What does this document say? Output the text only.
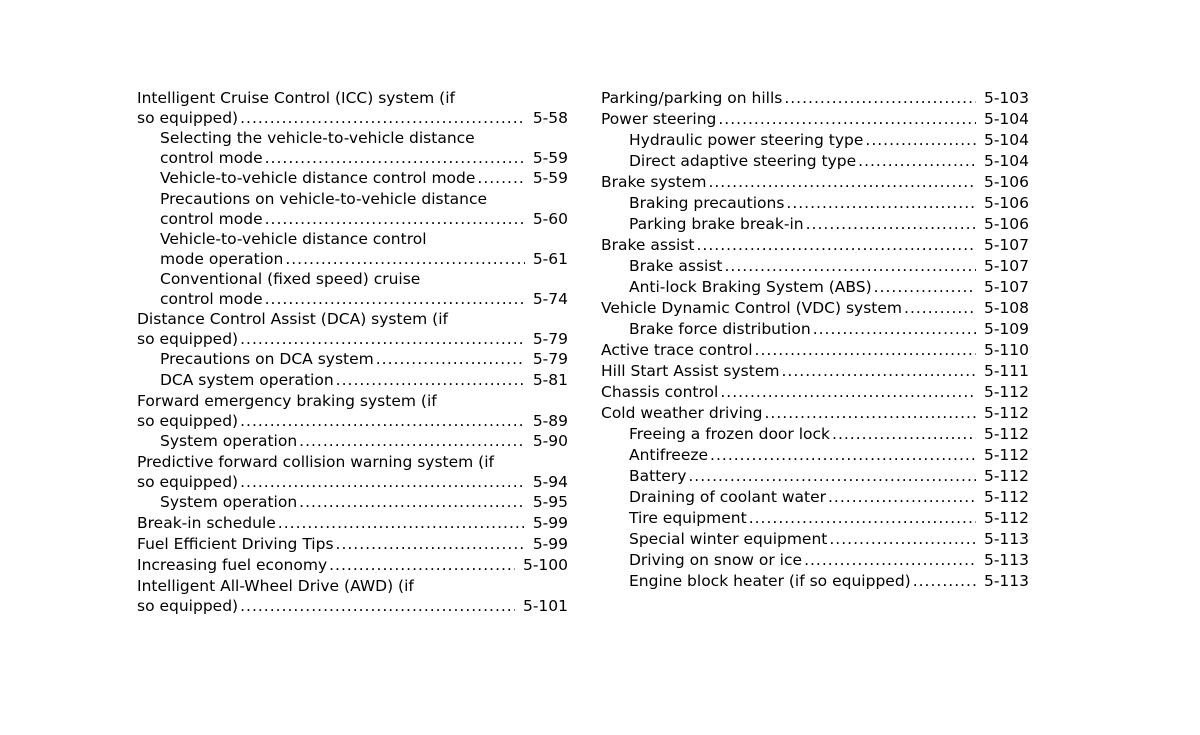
Intelligent Cruise Control (ICC) system (if
so equipped) .....	5-58
Selecting the vehicle-to-vehicle distance
control mode .....	5-59
Vehicle-to-vehicle distance control mode .....	5-59
Precautions on vehicle-to-vehicle distance
control mode .....	5-60
Vehicle-to-vehicle distance control
mode operation .....	5-61
Conventional (fixed speed) cruise
control mode .....	5-74
Distance Control Assist (DCA) system (if
so equipped) .....	5-79
Precautions on DCA system .....	5-79
DCA system operation .....	5-81
Forward emergency braking system (if
so equipped) .....	5-89
System operation .....	5-90
Predictive forward collision warning system (if
so equipped) .....	5-94
System operation .....	5-95
Break-in schedule .....	5-99
Fuel Efficient Driving Tips .....	5-99
Increasing fuel economy .....	5-100
Intelligent All-Wheel Drive (AWD) (if
so equipped) .....	5-101
Parking/parking on hills .....	5-103
Power steering .....	5-104
Hydraulic power steering type .....	5-104
Direct adaptive steering type .....	5-104
Brake system .....	5-106
Braking precautions .....	5-106
Parking brake break-in .....	5-106
Brake assist .....	5-107
Brake assist .....	5-107
Anti-lock Braking System (ABS) .....	5-107
Vehicle Dynamic Control (VDC) system .....	5-108
Brake force distribution .....	5-109
Active trace control .....	5-110
Hill Start Assist system .....	5-111
Chassis control .....	5-112
Cold weather driving .....	5-112
Freeing a frozen door lock .....	5-112
Antifreeze .....	5-112
Battery .....	5-112
Draining of coolant water .....	5-112
Tire equipment .....	5-112
Special winter equipment .....	5-113
Driving on snow or ice .....	5-113
Engine block heater (if so equipped) .....	5-113
